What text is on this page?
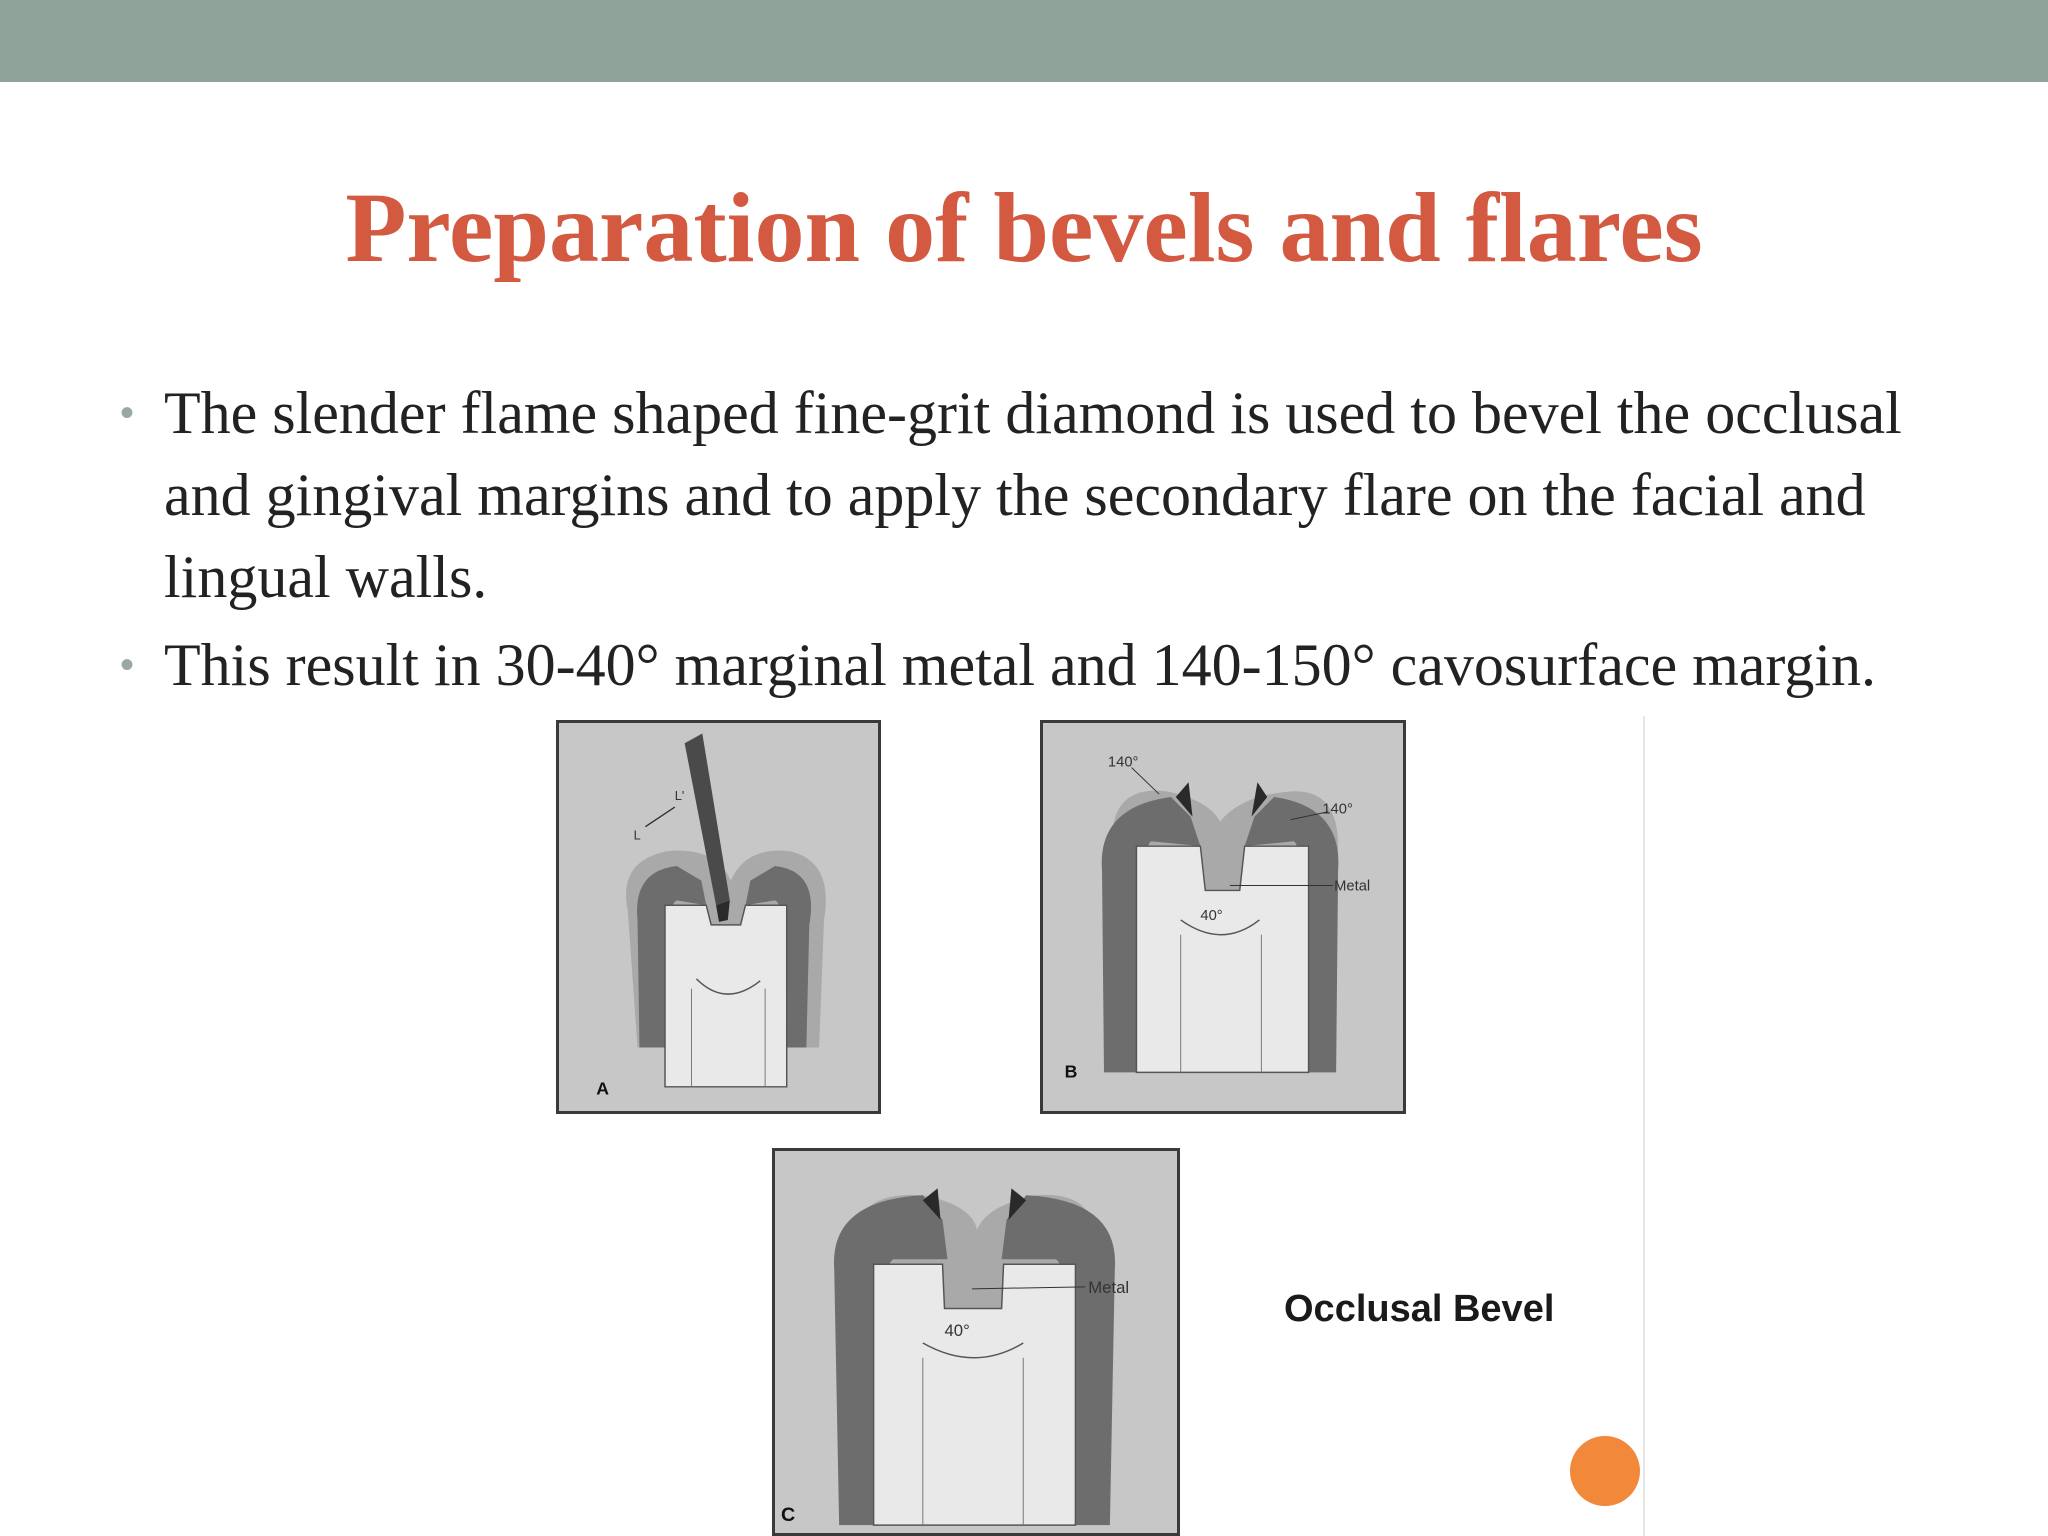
Preparation of bevels and flares
• The slender flame shaped fine-grit diamond is used to bevel the occlusal and gingival margins and to apply the secondary flare on the facial and lingual walls.
• This result in 30-40° marginal metal and 140-150° cavosurface margin.
L'
L
A
140°
140°
Metal
40°
B
Metal
40°
C
Occlusal Bevel
